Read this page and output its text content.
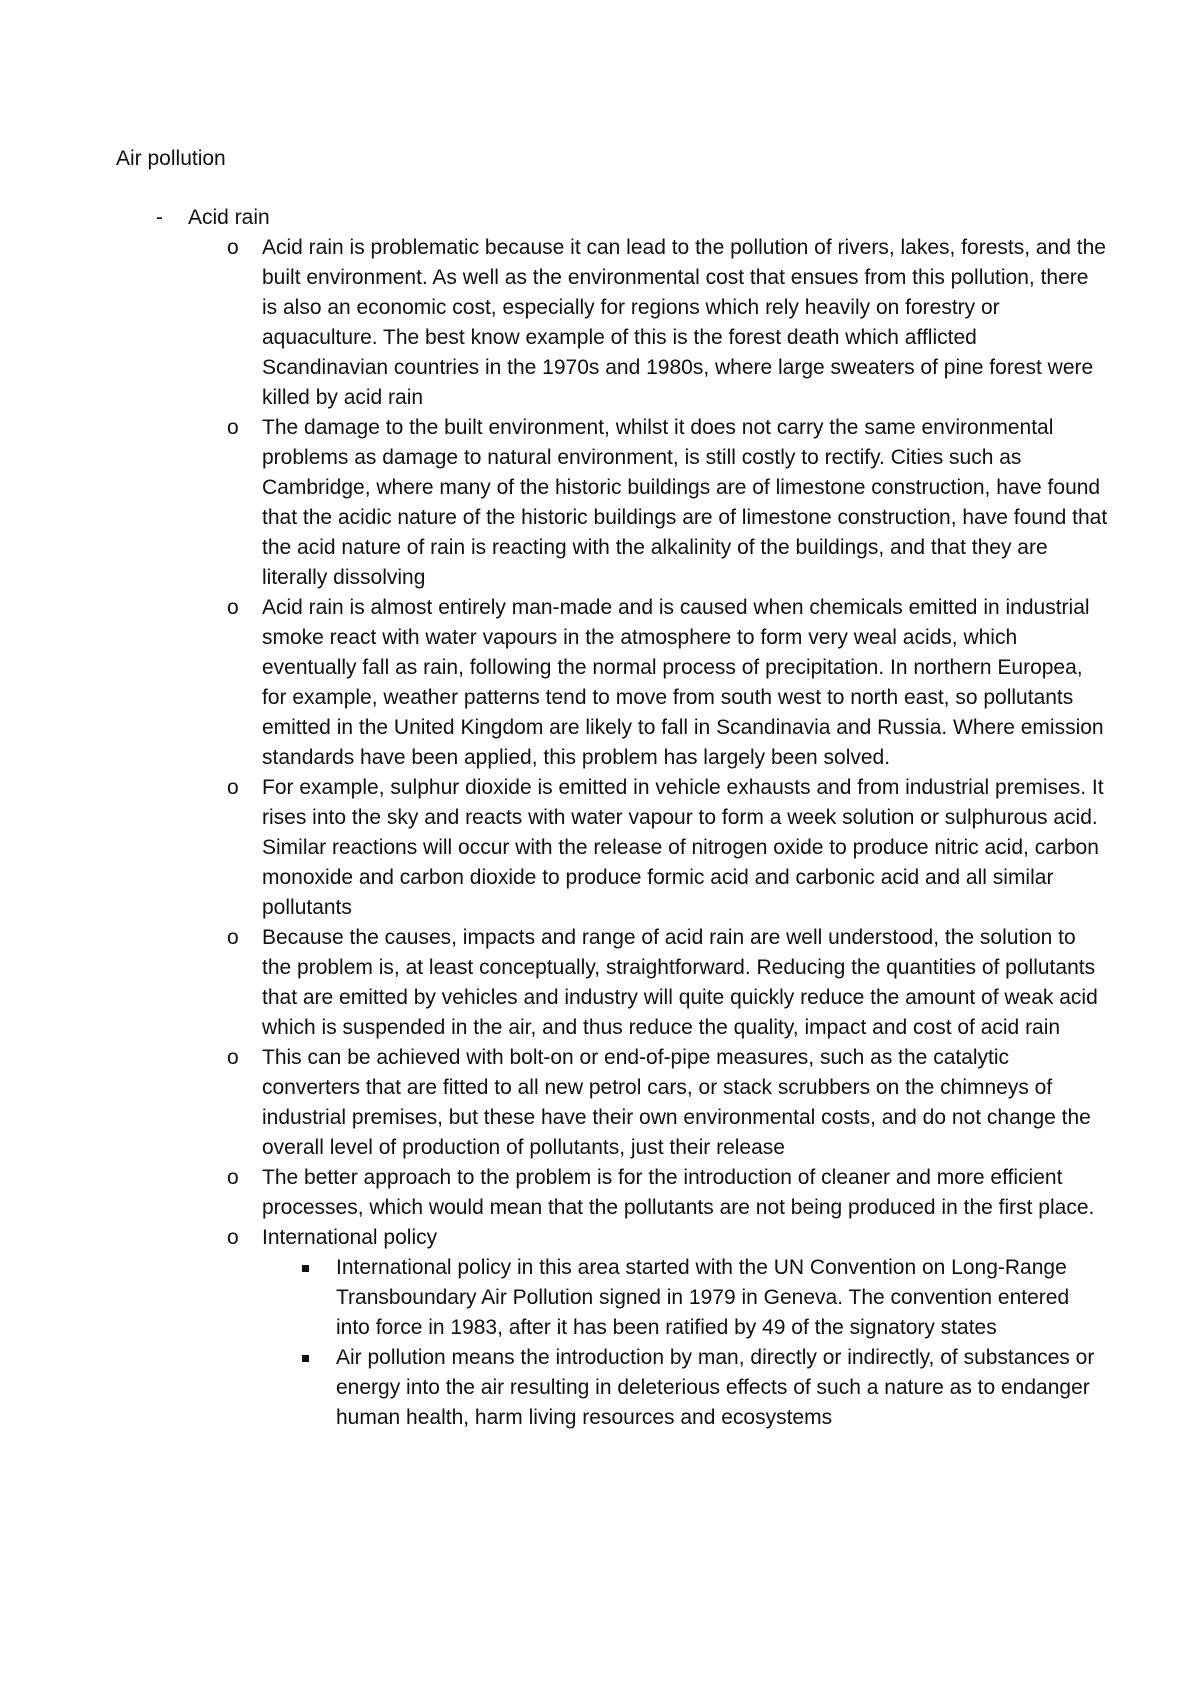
Air pollution
- Acid rain
o Acid rain is problematic because it can lead to the pollution of rivers, lakes, forests, and the built environment. As well as the environmental cost that ensues from this pollution, there is also an economic cost, especially for regions which rely heavily on forestry or aquaculture. The best know example of this is the forest death which afflicted Scandinavian countries in the 1970s and 1980s, where large sweaters of pine forest were killed by acid rain
o The damage to the built environment, whilst it does not carry the same environmental problems as damage to natural environment, is still costly to rectify. Cities such as Cambridge, where many of the historic buildings are of limestone construction, have found that the acidic nature of the historic buildings are of limestone construction, have found that the acid nature of rain is reacting with the alkalinity of the buildings, and that they are literally dissolving
o Acid rain is almost entirely man-made and is caused when chemicals emitted in industrial smoke react with water vapours in the atmosphere to form very weal acids, which eventually fall as rain, following the normal process of precipitation. In northern Europea, for example, weather patterns tend to move from south west to north east, so pollutants emitted in the United Kingdom are likely to fall in Scandinavia and Russia. Where emission standards have been applied, this problem has largely been solved.
o For example, sulphur dioxide is emitted in vehicle exhausts and from industrial premises. It rises into the sky and reacts with water vapour to form a week solution or sulphurous acid. Similar reactions will occur with the release of nitrogen oxide to produce nitric acid, carbon monoxide and carbon dioxide to produce formic acid and carbonic acid and all similar pollutants
o Because the causes, impacts and range of acid rain are well understood, the solution to the problem is, at least conceptually, straightforward. Reducing the quantities of pollutants that are emitted by vehicles and industry will quite quickly reduce the amount of weak acid which is suspended in the air, and thus reduce the quality, impact and cost of acid rain
o This can be achieved with bolt-on or end-of-pipe measures, such as the catalytic converters that are fitted to all new petrol cars, or stack scrubbers on the chimneys of industrial premises, but these have their own environmental costs, and do not change the overall level of production of pollutants, just their release
o The better approach to the problem is for the introduction of cleaner and more efficient processes, which would mean that the pollutants are not being produced in the first place.
o International policy
International policy in this area started with the UN Convention on Long-Range Transboundary Air Pollution signed in 1979 in Geneva. The convention entered into force in 1983, after it has been ratified by 49 of the signatory states
Air pollution means the introduction by man, directly or indirectly, of substances or energy into the air resulting in deleterious effects of such a nature as to endanger human health, harm living resources and ecosystems
